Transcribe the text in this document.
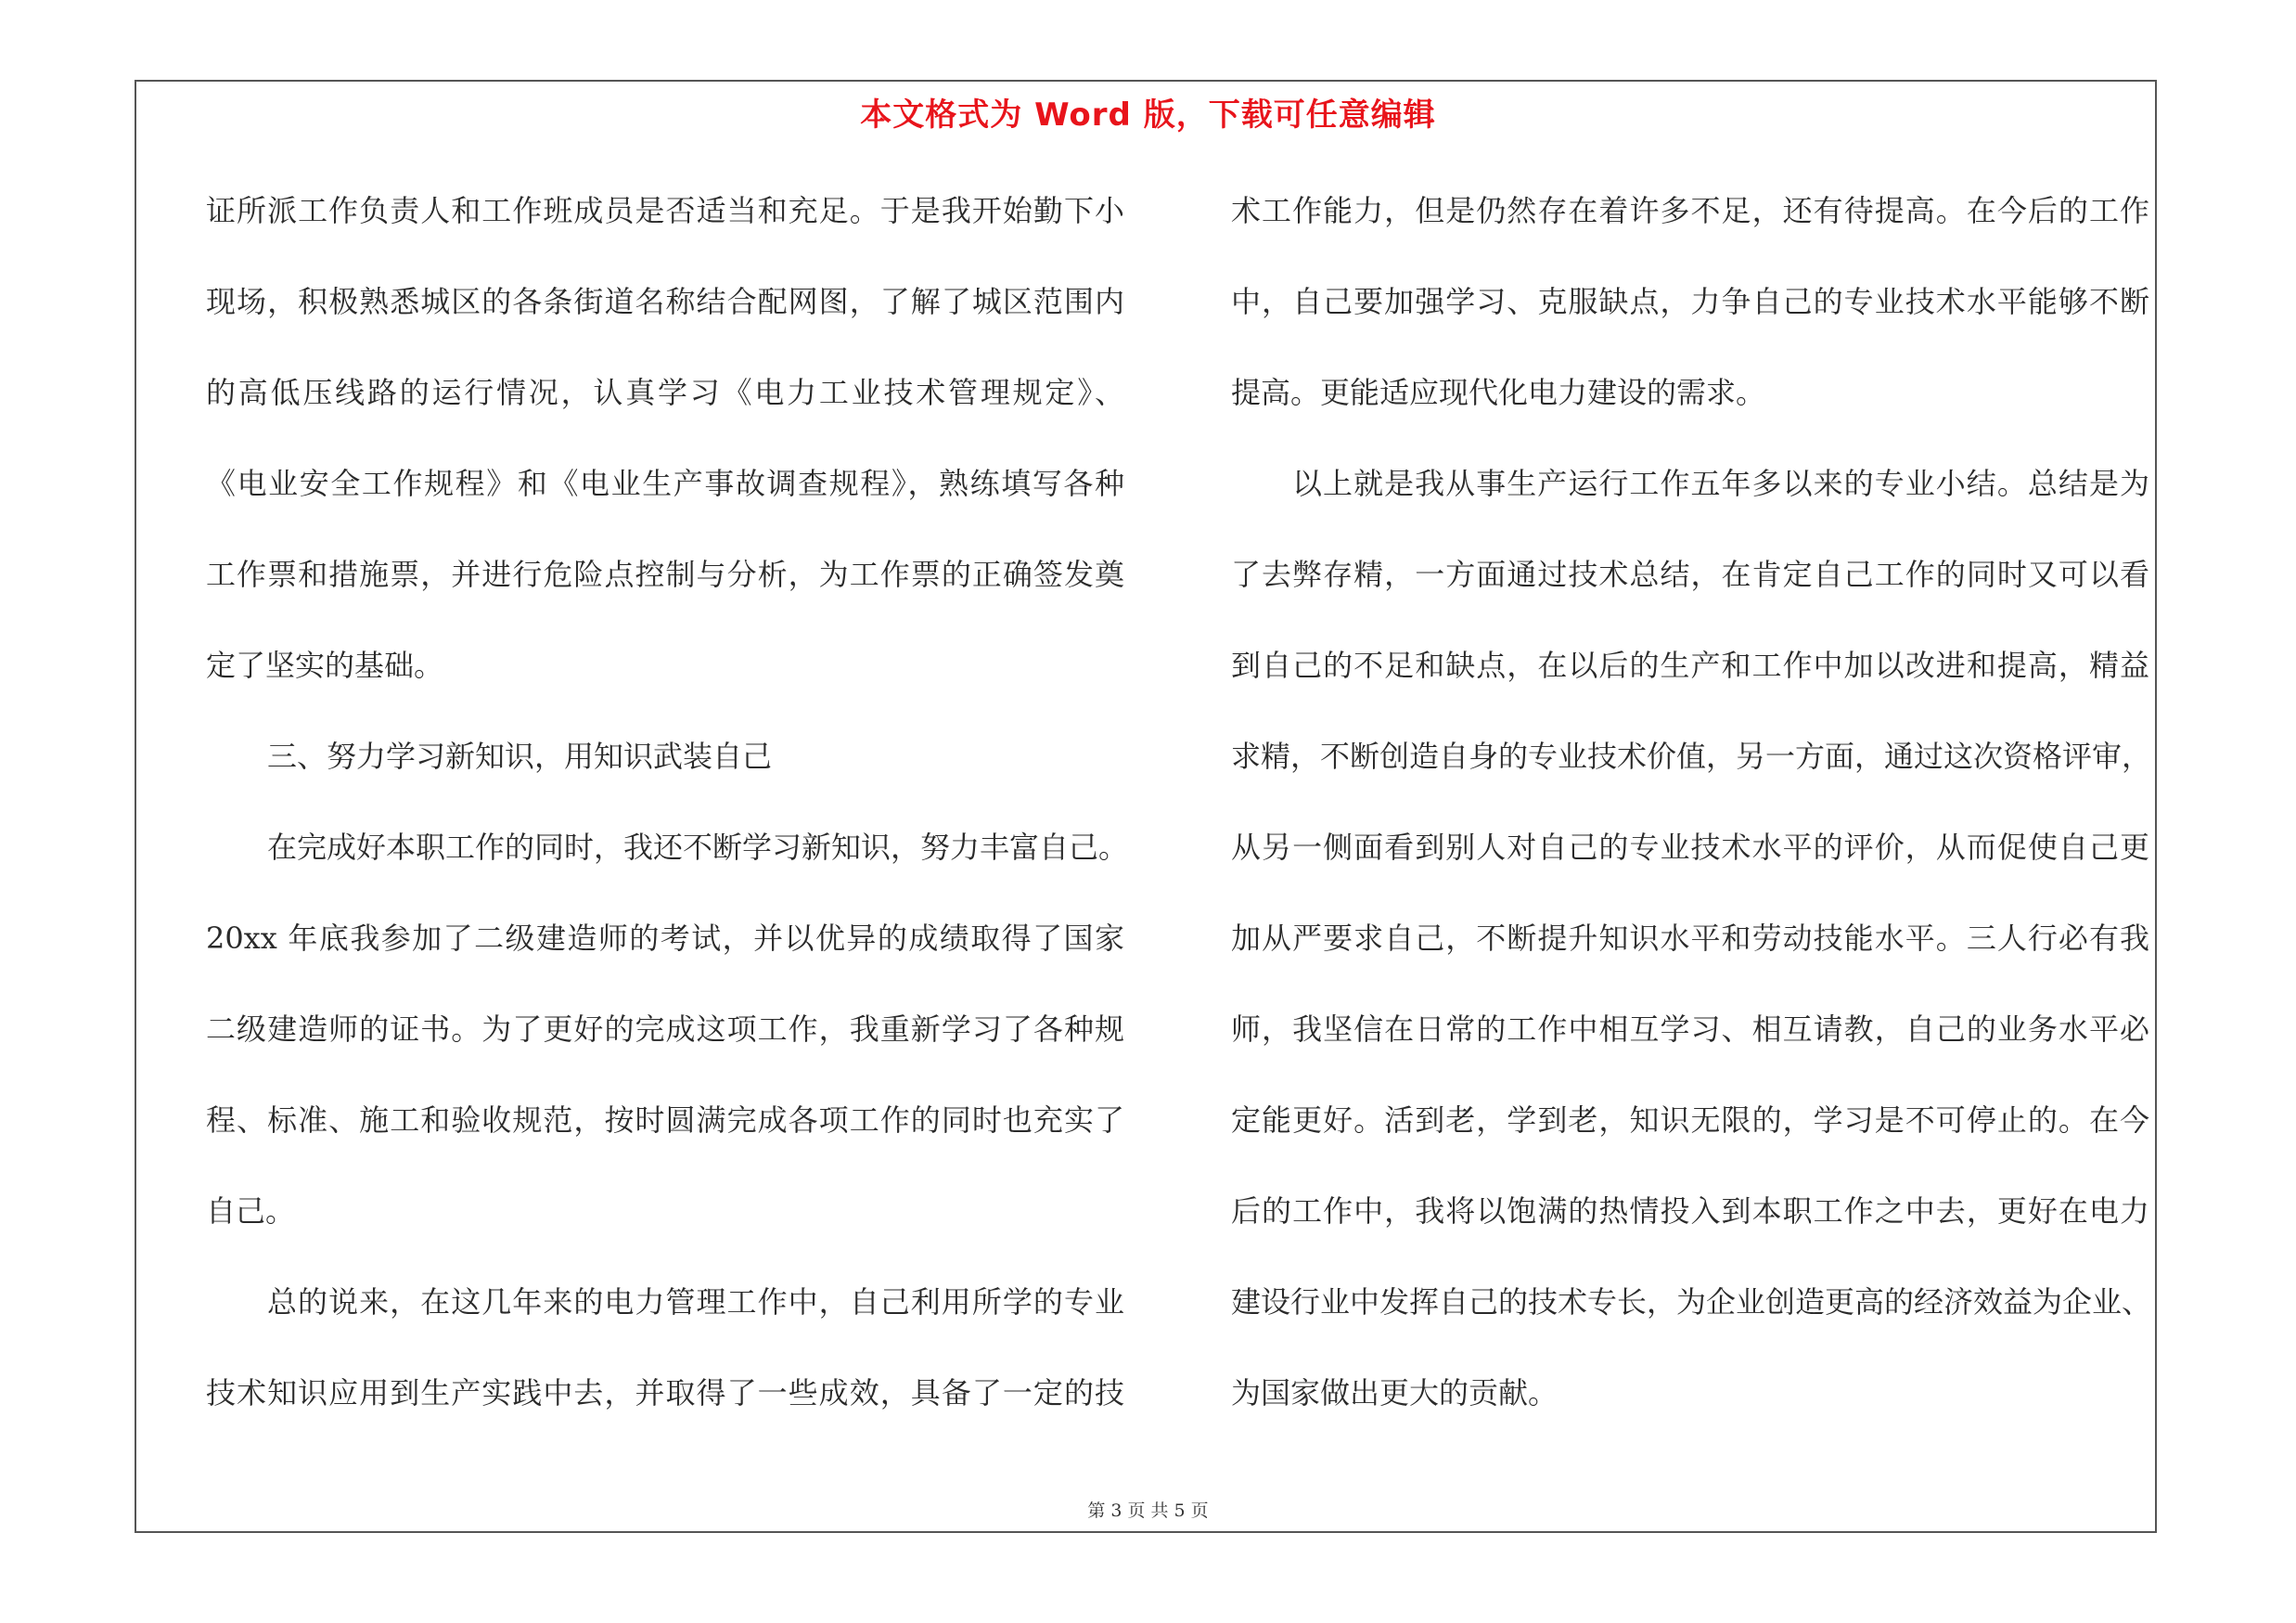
本文格式为 Word 版，下载可任意编辑
证所派工作负责人和工作班成员是否适当和充足。于是我开始勤下小
现场，积极熟悉城区的各条街道名称结合配网图，了解了城区范围内
的高低压线路的运行情况，认真学习《电力工业技术管理规定》、
《电业安全工作规程》和《电业生产事故调查规程》，熟练填写各种
工作票和措施票，并进行危险点控制与分析，为工作票的正确签发奠
定了坚实的基础。
三、努力学习新知识，用知识武装自己
在完成好本职工作的同时，我还不断学习新知识，努力丰富自己。
20xx 年底我参加了二级建造师的考试，并以优异的成绩取得了国家
二级建造师的证书。为了更好的完成这项工作，我重新学习了各种规
程、标准、施工和验收规范，按时圆满完成各项工作的同时也充实了
自己。
总的说来，在这几年来的电力管理工作中，自己利用所学的专业
技术知识应用到生产实践中去，并取得了一些成效，具备了一定的技
术工作能力，但是仍然存在着许多不足，还有待提高。在今后的工作
中，自己要加强学习、克服缺点，力争自己的专业技术水平能够不断
提高。更能适应现代化电力建设的需求。
以上就是我从事生产运行工作五年多以来的专业小结。总结是为
了去弊存精，一方面通过技术总结，在肯定自己工作的同时又可以看
到自己的不足和缺点，在以后的生产和工作中加以改进和提高，精益
求精，不断创造自身的专业技术价值，另一方面，通过这次资格评审，
从另一侧面看到别人对自己的专业技术水平的评价，从而促使自己更
加从严要求自己，不断提升知识水平和劳动技能水平。三人行必有我
师，我坚信在日常的工作中相互学习、相互请教，自己的业务水平必
定能更好。活到老，学到老，知识无限的，学习是不可停止的。在今
后的工作中，我将以饱满的热情投入到本职工作之中去，更好在电力
建设行业中发挥自己的技术专长，为企业创造更高的经济效益为企业、
为国家做出更大的贡献。
第 3 页 共 5 页
